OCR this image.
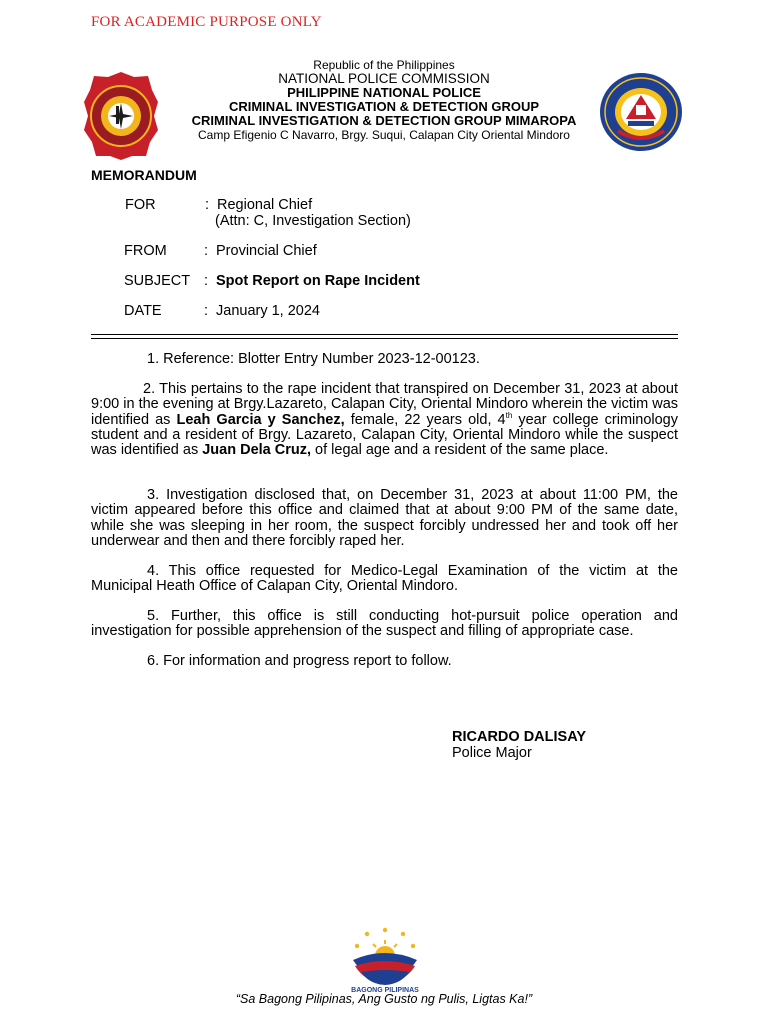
FOR ACADEMIC PURPOSE ONLY
Republic of the Philippines
NATIONAL POLICE COMMISSION
PHILIPPINE NATIONAL POLICE
CRIMINAL INVESTIGATION & DETECTION GROUP
CRIMINAL INVESTIGATION & DETECTION GROUP MIMAROPA
Camp Efigenio C Navarro, Brgy. Suqui, Calapan City Oriental Mindoro
MEMORANDUM
FOR	: Regional Chief
(Attn: C, Investigation Section)
FROM	: Provincial Chief
SUBJECT : Spot Report on Rape Incident
DATE	: January 1, 2024
1. Reference: Blotter Entry Number 2023-12-00123.
2. This pertains to the rape incident that transpired on December 31, 2023 at about 9:00 in the evening at Brgy.Lazareto, Calapan City, Oriental Mindoro wherein the victim was identified as Leah Garcia y Sanchez, female, 22 years old, 4th year college criminology student and a resident of Brgy. Lazareto, Calapan City, Oriental Mindoro while the suspect was identified as Juan Dela Cruz, of legal age and a resident of the same place.
3. Investigation disclosed that, on December 31, 2023 at about 11:00 PM, the victim appeared before this office and claimed that at about 9:00 PM of the same date, while she was sleeping in her room, the suspect forcibly undressed her and took off her underwear and then and there forcibly raped her.
4. This office requested for Medico-Legal Examination of the victim at the Municipal Heath Office of Calapan City, Oriental Mindoro.
5. Further, this office is still conducting hot-pursuit police operation and investigation for possible apprehension of the suspect and filling of appropriate case.
6. For information and progress report to follow.
RICARDO DALISAY
Police Major
BAGONG PILIPINAS
“Sa Bagong Pilipinas, Ang Gusto ng Pulis, Ligtas Ka!”
